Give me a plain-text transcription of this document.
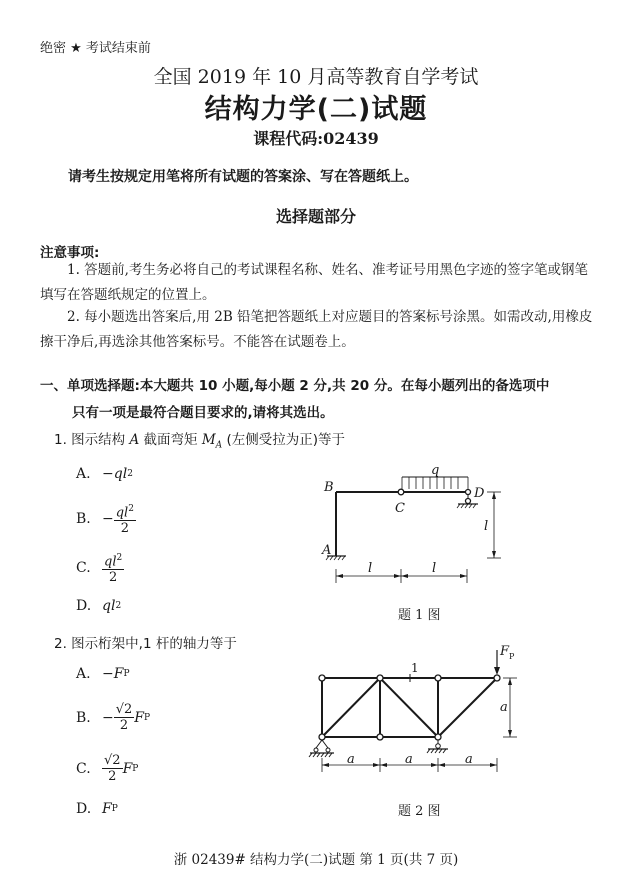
绝密 ★ 考试结束前
全国 2019 年 10 月高等教育自学考试
结构力学(二)试题
课程代码:02439
请考生按规定用笔将所有试题的答案涂、写在答题纸上。
选择题部分
注意事项:
1. 答题前,考生务必将自己的考试课程名称、姓名、准考证号用黑色字迹的签字笔或钢笔填写在答题纸规定的位置上。
2. 每小题选出答案后,用 2B 铅笔把答题纸上对应题目的答案标号涂黑。如需改动,用橡皮擦干净后,再选涂其他答案标号。不能答在试题卷上。
一、单项选择题:本大题共 10 小题,每小题 2 分,共 20 分。在每小题列出的备选项中
只有一项是最符合题目要求的,请将其选出。
1. 图示结构 A 截面弯矩 $M_A$ (左侧受拉为正)等于
A. − ql 2
B. − $\frac{ql^2}{2}$
C. $\frac{ql^2}{2}$
D. ql 2
B
A
C
D
q
l	l
l
题 1 图
2. 图示桁架中,1 杆的轴力等于
A. − F P
B. − $\frac{√2}{2}$ F P
C. $\frac{√2}{2}$ F P
D. F P
F P
a	a	a
a
1
题 2 图
浙 02439# 结构力学(二)试题 第 1 页(共 7 页)
